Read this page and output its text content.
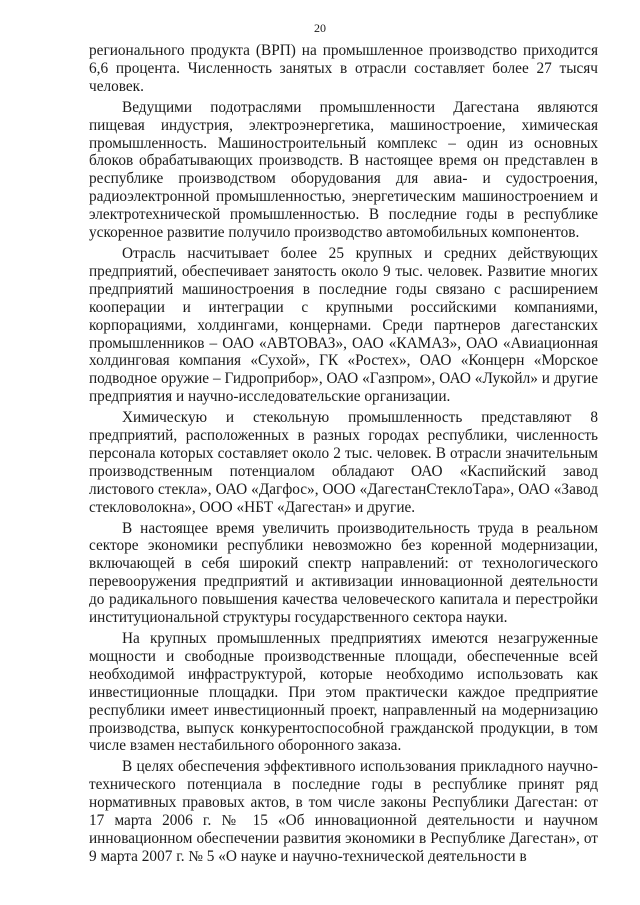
20

регионального продукта (ВРП) на промышленное производство приходится 6,6 процента. Численность занятых в отрасли составляет более 27 тысяч человек.

Ведущими подотраслями промышленности Дагестана являются пищевая индустрия, электроэнергетика, машиностроение, химическая промышленность. Машиностроительный комплекс – один из основных блоков обрабатывающих производств. В настоящее время он представлен в республике производством оборудования для авиа- и судостроения, радиоэлектронной промышленностью, энергетическим машиностроением и электротехнической промышленностью. В последние годы в республике ускоренное развитие получило производство автомобильных компонентов.

Отрасль насчитывает более 25 крупных и средних действующих предприятий, обеспечивает занятость около 9 тыс. человек. Развитие многих предприятий машиностроения в последние годы связано с расширением кооперации и интеграции с крупными российскими компаниями, корпорациями, холдингами, концернами. Среди партнеров дагестанских промышленников – ОАО «АВТОВАЗ», ОАО «КАМАЗ», ОАО «Авиационная холдинговая компания «Сухой», ГК «Ростех», ОАО «Концерн «Морское подводное оружие – Гидроприбор», ОАО «Газпром», ОАО «Лукойл» и другие предприятия и научно-исследовательские организации.

Химическую и стекольную промышленность представляют 8 предприятий, расположенных в разных городах республики, численность персонала которых составляет около 2 тыс. человек. В отрасли значительным производственным потенциалом обладают ОАО «Каспийский завод листового стекла», ОАО «Дагфос», ООО «ДагестанСтеклоТара», ОАО «Завод стекловолокна», ООО «НБТ «Дагестан» и другие.

В настоящее время увеличить производительность труда в реальном секторе экономики республики невозможно без коренной модернизации, включающей в себя широкий спектр направлений: от технологического перевооружения предприятий и активизации инновационной деятельности до радикального повышения качества человеческого капитала и перестройки институциональной структуры государственного сектора науки.

На крупных промышленных предприятиях имеются незагруженные мощности и свободные производственные площади, обеспеченные всей необходимой инфраструктурой, которые необходимо использовать как инвестиционные площадки. При этом практически каждое предприятие республики имеет инвестиционный проект, направленный на модернизацию производства, выпуск конкурентоспособной гражданской продукции, в том числе взамен нестабильного оборонного заказа.

В целях обеспечения эффективного использования прикладного научно-технического потенциала в последние годы в республике принят ряд нормативных правовых актов, в том числе законы Республики Дагестан: от 17 марта 2006 г. № 15 «Об инновационной деятельности и научном инновационном обеспечении развития экономики в Республике Дагестан», от 9 марта 2007 г. № 5 «О науке и научно-технической деятельности в
